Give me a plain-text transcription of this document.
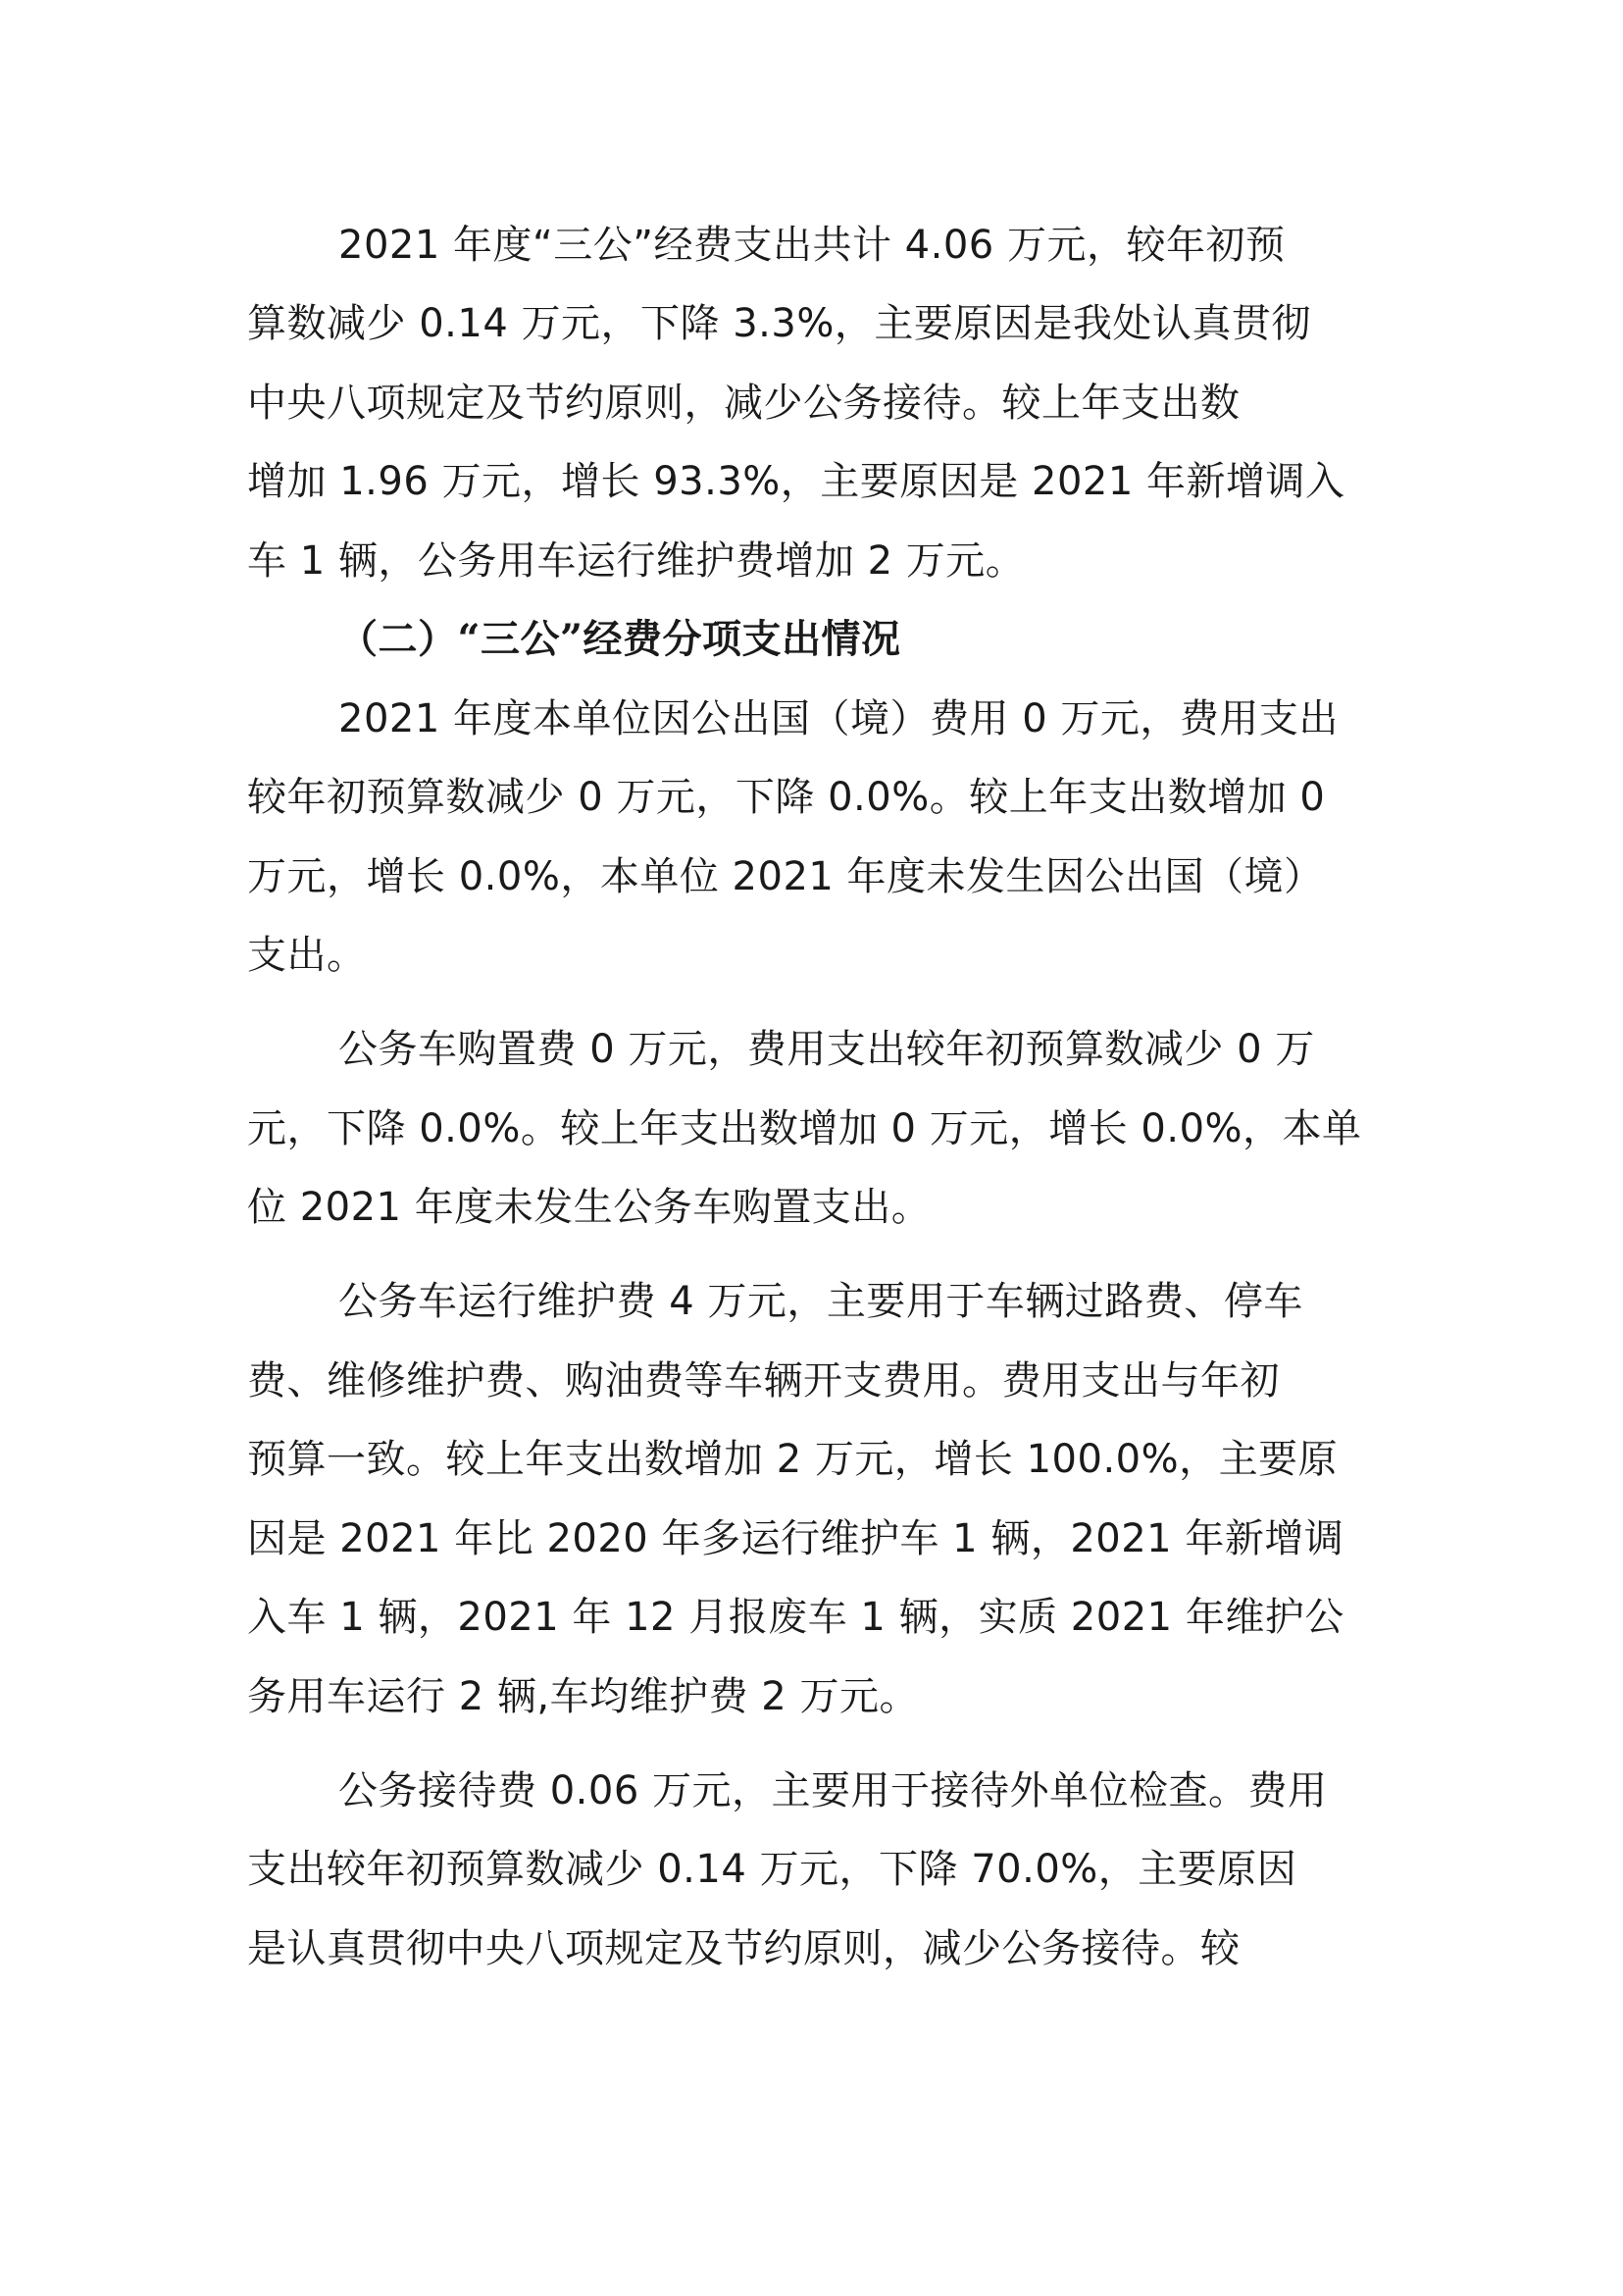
2021 年度“三公”经费支出共计 4.06 万元，较年初预

算数减少 0.14 万元，下降 3.3%，主要原因是我处认真贯彻

中央八项规定及节约原则，减少公务接待。较上年支出数

增加 1.96 万元，增长 93.3%，主要原因是 2021 年新增调入

车 1 辆，公务用车运行维护费增加 2 万元。

（二）“三公”经费分项支出情况

2021 年度本单位因公出国（境）费用 0 万元，费用支出

较年初预算数减少 0 万元，下降 0.0%。较上年支出数增加 0

万元，增长 0.0%，本单位 2021 年度未发生因公出国（境）

支出。

公务车购置费 0 万元，费用支出较年初预算数减少 0 万

元，下降 0.0%。较上年支出数增加 0 万元，增长 0.0%，本单

位 2021 年度未发生公务车购置支出。

公务车运行维护费 4 万元，主要用于车辆过路费、停车

费、维修维护费、购油费等车辆开支费用。费用支出与年初

预算一致。较上年支出数增加 2 万元，增长 100.0%，主要原

因是 2021 年比 2020 年多运行维护车 1 辆，2021 年新增调

入车 1 辆，2021 年 12 月报废车 1 辆，实质 2021 年维护公

务用车运行 2 辆,车均维护费 2 万元。

公务接待费 0.06 万元，主要用于接待外单位检查。费用

支出较年初预算数减少 0.14 万元，下降 70.0%，主要原因

是认真贯彻中央八项规定及节约原则，减少公务接待。较
